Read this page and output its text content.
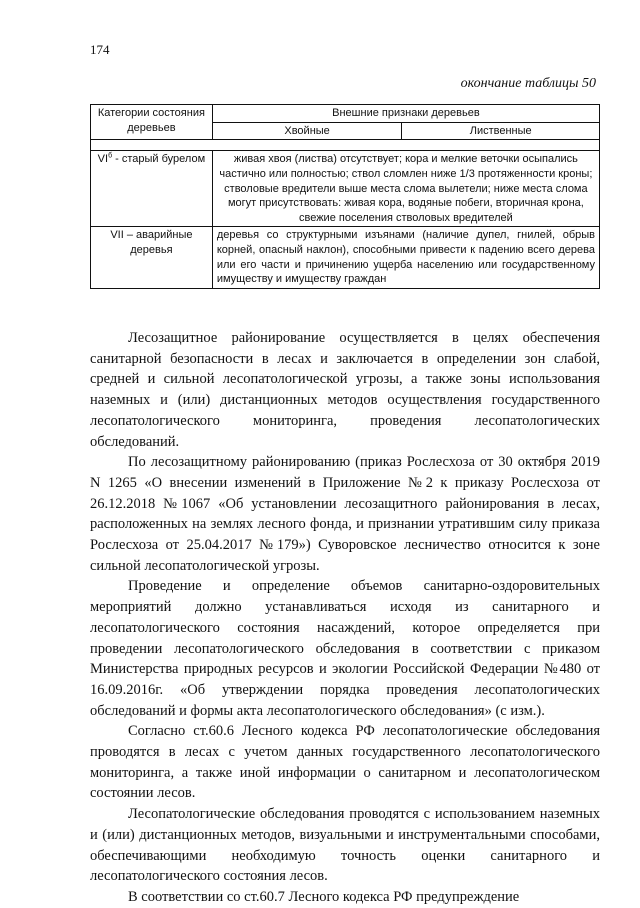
174
окончание таблицы 50
Категории состояния деревьев	Внешние признаки деревьев	
	Хвойные	Лиственные

$VI^б$ - старый бурелом	живая хвоя (листва) отсутствует; кора и мелкие веточки осыпались частично или полностью; ствол сломлен ниже 1/3 протяженности кроны; стволовые вредители выше места слома вылетели; ниже места слома могут присутствовать: живая кора, водяные побеги, вторичная крона, свежие поселения стволовых вредителей	
VII – аварийные деревья	деревья со структурными изъянами (наличие дупел, гнилей, обрыв корней, опасный наклон), способными привести к падению всего дерева или его части и причинению ущерба населению или государственному имуществу и имуществу граждан	

Лесозащитное районирование осуществляется в целях обеспечения санитарной безопасности в лесах и заключается в определении зон слабой, средней и сильной лесопатологической угрозы, а также зоны использования наземных и (или) дистанционных методов осуществления государственного лесопатологического мониторинга, проведения лесопатологических обследований.

По лесозащитному районированию (приказ Рослесхоза от 30 октября 2019 N 1265 «О внесении изменений в Приложение №2 к приказу Рослесхоза от 26.12.2018 №1067 «Об установлении лесозащитного районирования в лесах, расположенных на землях лесного фонда, и признании утратившим силу приказа Рослесхоза от 25.04.2017 №179») Суворовское лесничество относится к зоне сильной лесопатологической угрозы.

Проведение и определение объемов санитарно-оздоровительных мероприятий должно устанавливаться исходя из санитарного и лесопатологического состояния насаждений, которое определяется при проведении лесопатологического обследования в соответствии с приказом Министерства природных ресурсов и экологии Российской Федерации №480 от 16.09.2016г. «Об утверждении порядка проведения лесопатологических обследований и формы акта лесопатологического обследования» (с изм.).

Согласно ст.60.6 Лесного кодекса РФ лесопатологические обследования проводятся в лесах с учетом данных государственного лесопатологического мониторинга, а также иной информации о санитарном и лесопатологическом состоянии лесов.

Лесопатологические обследования проводятся с использованием наземных и (или) дистанционных методов, визуальными и инструментальными способами, обеспечивающими необходимую точность оценки санитарного и лесопатологического состояния лесов.

В соответствии со ст.60.7 Лесного кодекса РФ предупреждение
